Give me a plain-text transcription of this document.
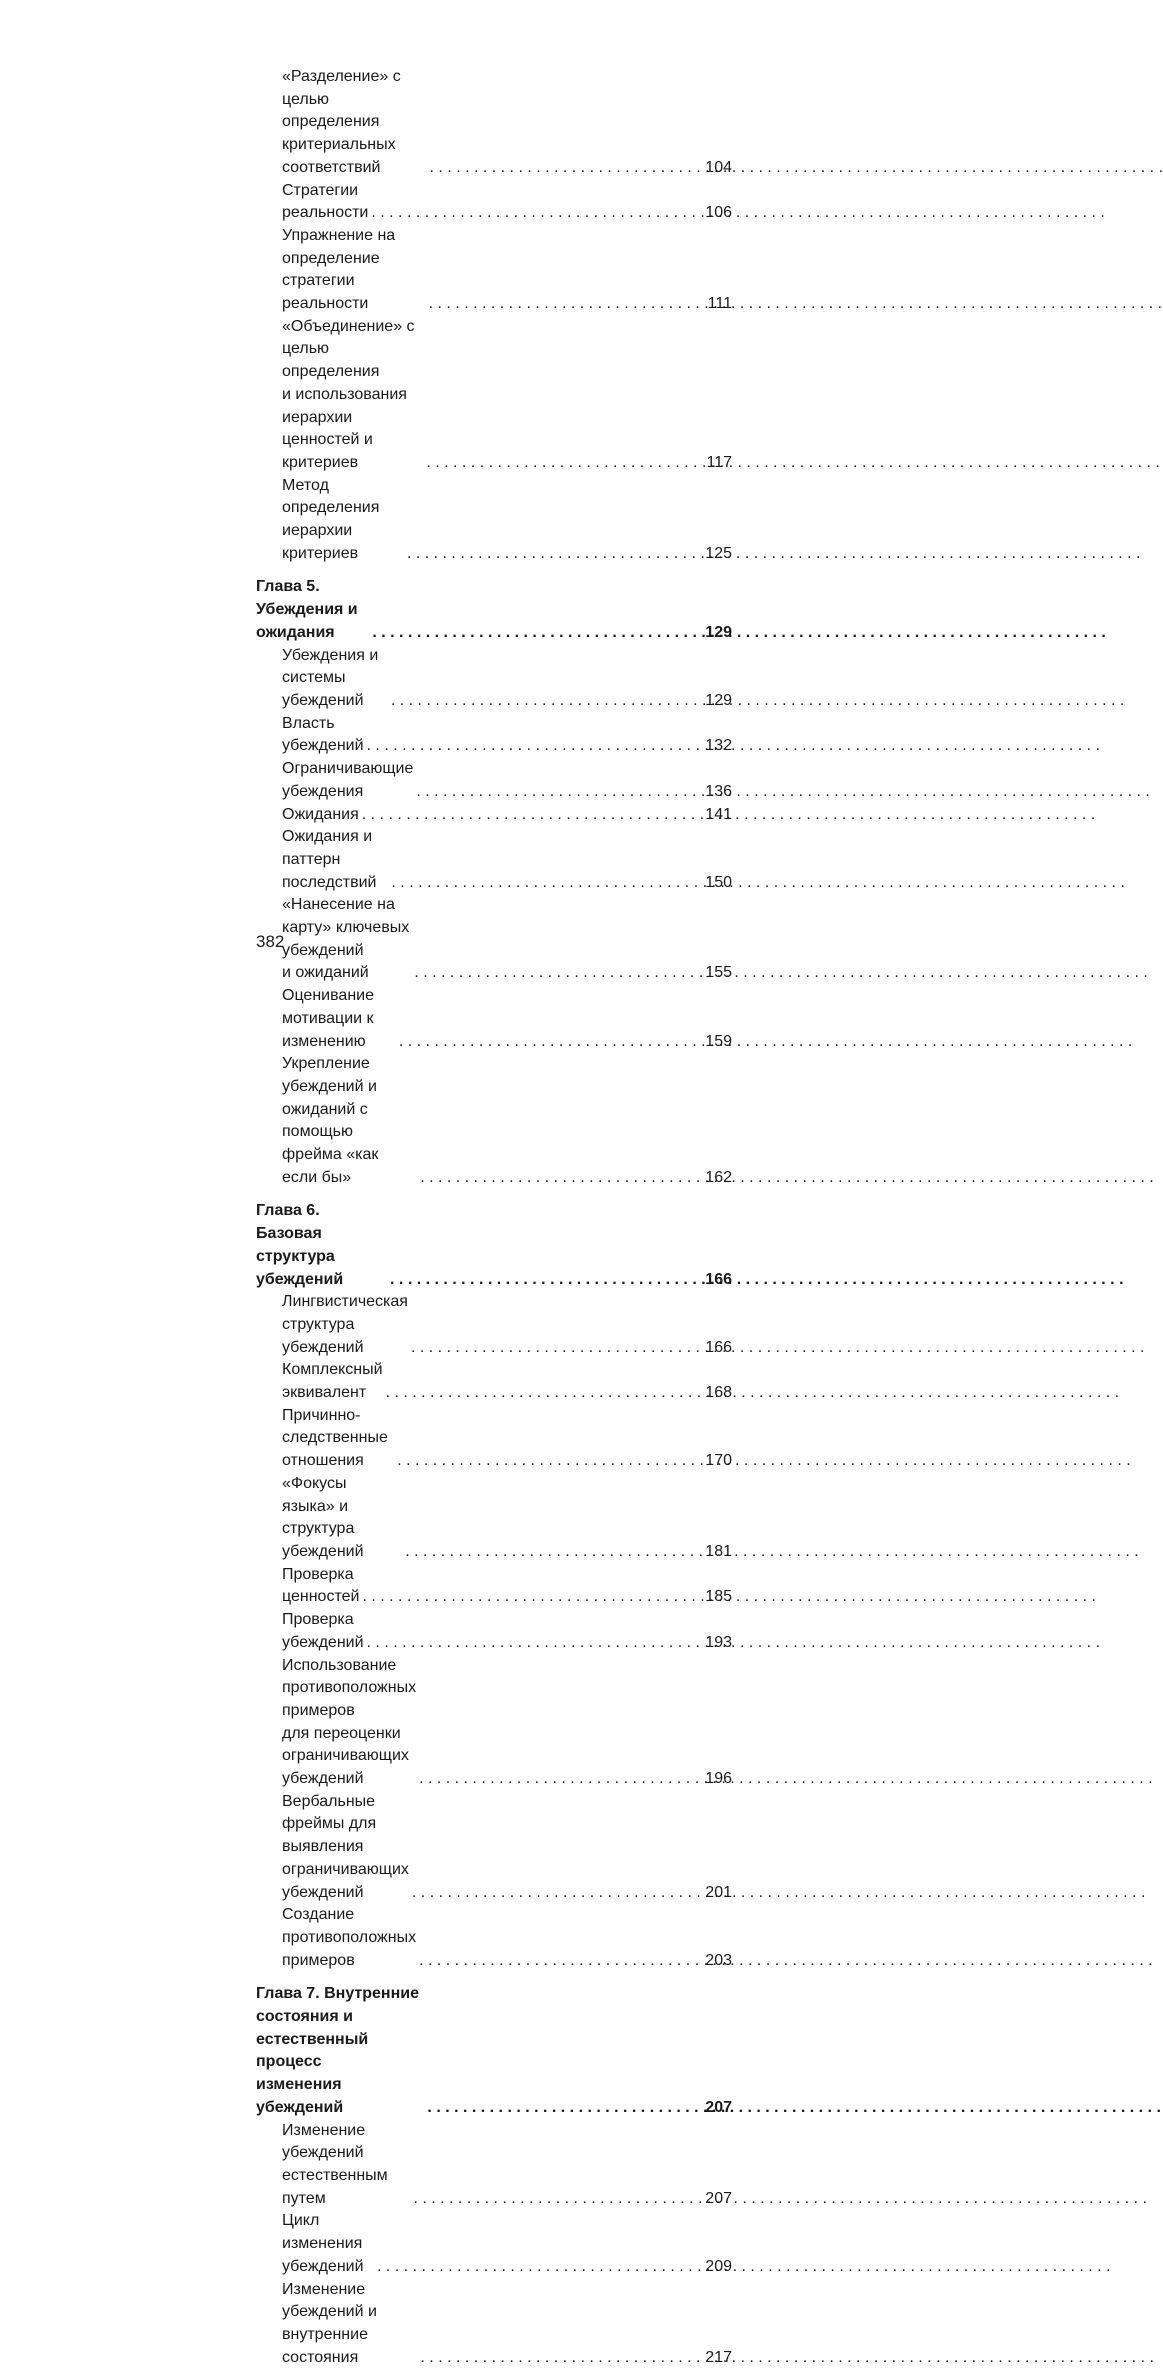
«Разделение» с целью определения критериальных
соответствий . . .	104
Стратегии реальности . . .	106
Упражнение на определение стратегии реальности . . .	111
«Объединение» с целью определения
и использования иерархии ценностей и критериев . . .	117
Метод определения иерархии критериев . . .	125
Глава 5. Убеждения и ожидания . . .	129
Убеждения и системы убеждений . . .	129
Власть убеждений . . .	132
Ограничивающие убеждения . . .	136
Ожидания . . .	141
Ожидания и паттерн последствий . . .	150
«Нанесение на карту» ключевых убеждений
и ожиданий . . .	155
Оценивание мотивации к изменению . . .	159
Укрепление убеждений и ожиданий с помощью
фрейма «как если бы» . . .	162
Глава 6. Базовая структура убеждений . . .	166
Лингвистическая структура убеждений . . .	166
Комплексный эквивалент . . .	168
Причинно-следственные отношения . . .	170
«Фокусы языка» и структура убеждений . . .	181
Проверка ценностей . . .	185
Проверка убеждений . . .	193
Использование противоположных примеров
для переоценки ограничивающих убеждений . . .	196
Вербальные фреймы для выявления
ограничивающих убеждений . . .	201
Создание противоположных примеров . . .	203
Глава 7. Внутренние состояния и естественный процесс
изменения убеждений . . .	207
Изменение убеждений естественным путем . . .	207
Цикл изменения убеждений . . .	209
Изменение убеждений и внутренние состояния . . .	217
382
